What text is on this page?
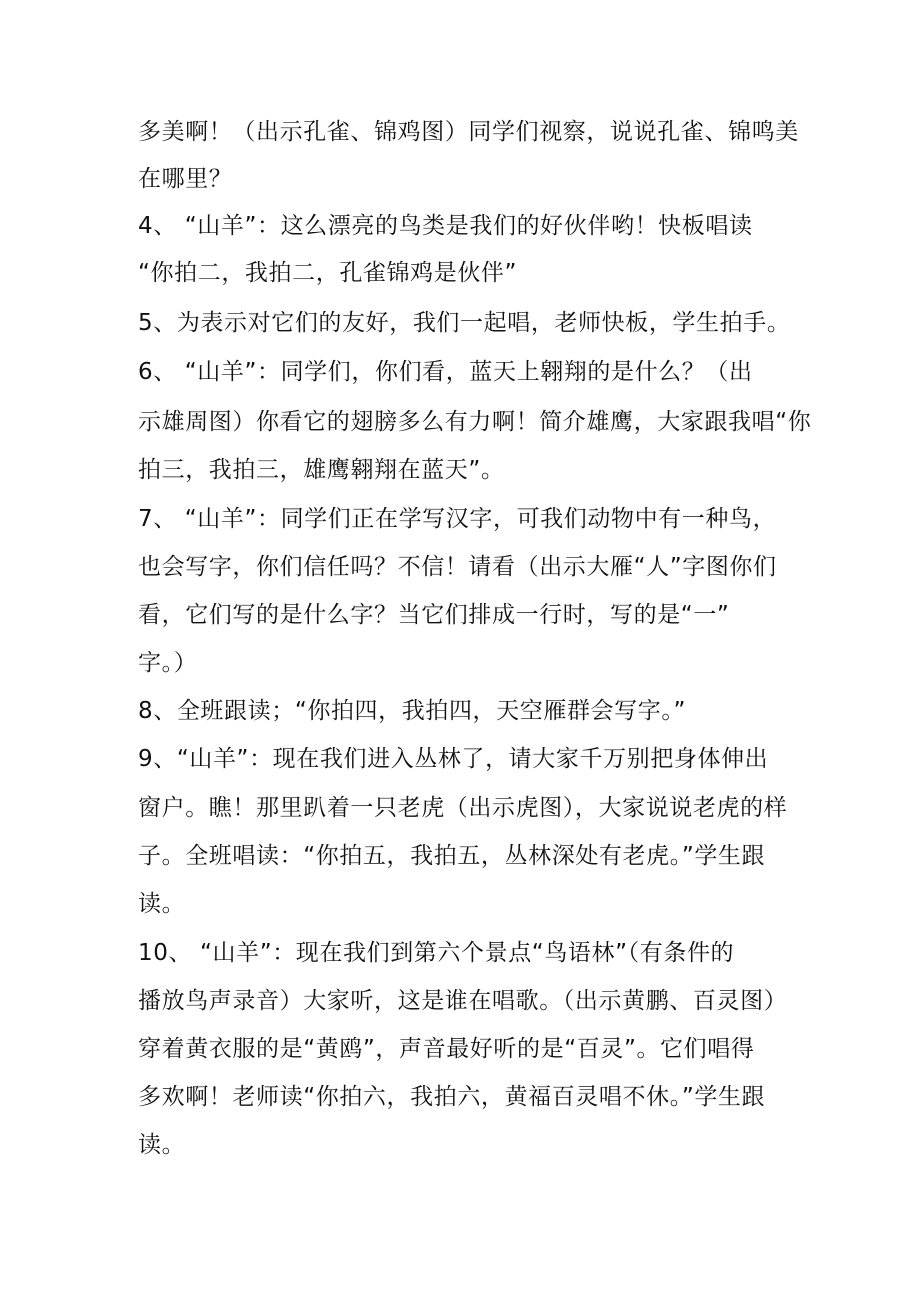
多美啊！（出示孔雀、锦鸡图）同学们视察，说说孔雀、锦鸣美

在哪里？

4、 “山羊”：这么漂亮的鸟类是我们的好伙伴哟！快板唱读

“你拍二，我拍二，孔雀锦鸡是伙伴”

5、为表示对它们的友好，我们一起唱，老师快板，学生拍手。

6、 “山羊”：同学们，你们看，蓝天上翱翔的是什么？（出

示雄周图）你看它的翅膀多么有力啊！简介雄鹰，大家跟我唱“你

拍三，我拍三，雄鹰翱翔在蓝天”。

7、 “山羊”：同学们正在学写汉字，可我们动物中有一种鸟，

也会写字，你们信任吗？不信！请看（出示大雁“人”字图你们

看，它们写的是什么字？当它们排成一行时，写的是“一”

字。）

8、全班跟读；“你拍四，我拍四，天空雁群会写字。”

9、“山羊”：现在我们进入丛林了，请大家千万别把身体伸出

窗户。瞧！那里趴着一只老虎（出示虎图），大家说说老虎的样

子。全班唱读：“你拍五，我拍五，丛林深处有老虎。”学生跟

读。

10、 “山羊”：现在我们到第六个景点“鸟语林”（有条件的

播放鸟声录音）大家听，这是谁在唱歌。（出示黄鹏、百灵图）

穿着黄衣服的是“黄鸥”，声音最好听的是“百灵”。它们唱得

多欢啊！老师读“你拍六，我拍六，黄福百灵唱不休。”学生跟

读。
